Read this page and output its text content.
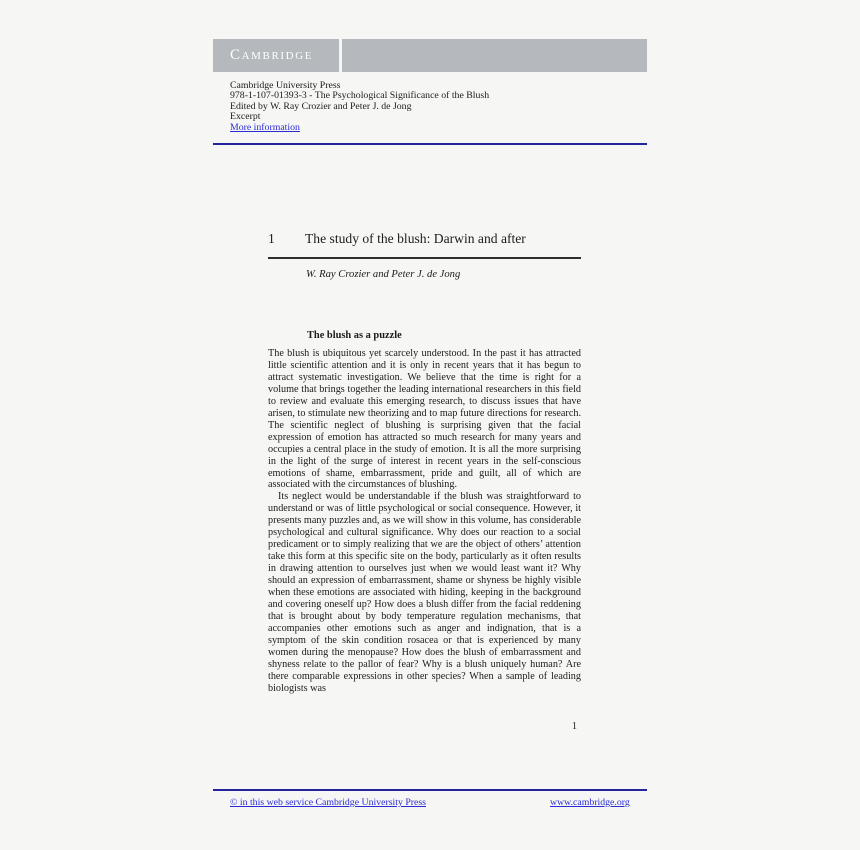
Cambridge
Cambridge University Press
978-1-107-01393-3 - The Psychological Significance of the Blush
Edited by W. Ray Crozier and Peter J. de Jong
Excerpt
More information
1 The study of the blush: Darwin and after
W. Ray Crozier and Peter J. de Jong
The blush as a puzzle

The blush is ubiquitous yet scarcely understood. In the past it has attracted little scientific attention and it is only in recent years that it has begun to attract systematic investigation. We believe that the time is right for a volume that brings together the leading international researchers in this field to review and evaluate this emerging research, to discuss issues that have arisen, to stimulate new theorizing and to map future directions for research. The scientific neglect of blushing is surprising given that the facial expression of emotion has attracted so much research for many years and occupies a central place in the study of emotion. It is all the more surprising in the light of the surge of interest in recent years in the self-conscious emotions of shame, embarrassment, pride and guilt, all of which are associated with the circumstances of blushing.

Its neglect would be understandable if the blush was straightforward to understand or was of little psychological or social consequence. However, it presents many puzzles and, as we will show in this volume, has considerable psychological and cultural significance. Why does our reaction to a social predicament or to simply realizing that we are the object of others’ attention take this form at this specific site on the body, particularly as it often results in drawing attention to ourselves just when we would least want it? Why should an expression of embarrassment, shame or shyness be highly visible when these emotions are associated with hiding, keeping in the background and covering oneself up? How does a blush differ from the facial reddening that is brought about by body temperature regulation mechanisms, that accompanies other emotions such as anger and indignation, that is a symptom of the skin condition rosacea or that is experienced by many women during the menopause? How does the blush of embarrassment and shyness relate to the pallor of fear? Why is a blush uniquely human? Are there comparable expressions in other species? When a sample of leading biologists was

1
© in this web service Cambridge University Press	www.cambridge.org
